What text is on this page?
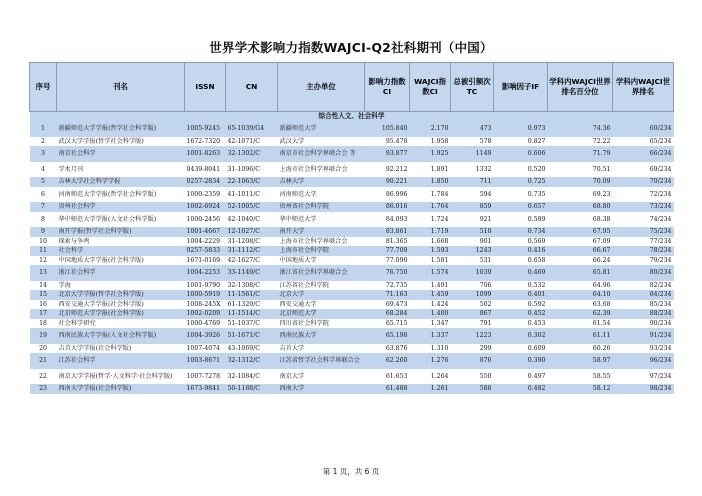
世界学术影响力指数WAJCI-Q2社科期刊（中国）
序号	刊名	ISSN	CN	主办单位	影响力指数CI	WAJCI指数CI	总被引频次TC	影响因子IF	学科内WAJCI世界排名百分位	学科内WAJCI世界排名
综合性人文、社会科学										
1	新疆师范大学学报(哲学社会科学版)	1005-9245	65-1039/G4	新疆师范大学	105.840	2.170	473	0.973	74.36	60/234
2	武汉大学学报(哲学社会科学版)	1672-7320	42-1071/C	武汉大学	95.478	1.958	578	0.827	72.22	65/234
3	南京社会科学	1001-8263	32-1302/C	南京市社会科学界联合会 等	93.877	1.925	1149	0.606	71.79	66/234
4	学术月刊	0439-8041	31-1096/C	上海市社会科学界联合会	92.212	1.891	1332	0.520	70.51	69/234
5	吉林大学社会科学学报	0257-2834	22-1063/C	吉林大学	90.221	1.850	711	0.725	70.09	70/234
6	河南师范大学学报(哲学社会科学版)	1000-2359	41-1011/C	河南师范大学	86.996	1.784	594	0.735	69.23	72/234
7	贵州社会科学	1002-6924	52-1005/C	贵州省社会科学院	86.016	1.764	859	0.657	68.80	73/234
8	华中师范大学学报(人文社会科学版)	1000-2456	42-1040/C	华中师范大学	84.093	1.724	921	0.589	68.38	74/234
9	南开学报(哲学社会科学版)	1001-4667	12-1027/C	南开大学	83.861	1.719	510	0.734	67.95	75/234
10	探索与争鸣	1004-2229	31-1208/C	上海市社会科学界联合会	81.365	1.668	901	0.569	67.09	77/234
11	社会科学	0257-5833	31-1112/C	上海市社会科学院	77.709	1.593	1243	0.416	66.67	78/234
12	中国地质大学学报(社会科学版)	1671-0169	42-1627/C	中国地质大学	77.090	1.581	531	0.658	66.24	79/234
13	浙江社会科学	1004-2253	33-1149/C	浙江省社会科学界联合会	76.750	1.574	1039	0.469	65.81	80/234
14	学海	1001-9790	32-1308/C	江苏省社会科学院	72.735	1.491	706	0.532	64.96	82/234
15	北京大学学报(哲学社会科学版)	1000-5919	11-1561/C	北京大学	71.163	1.459	1099	0.401	64.10	84/234
16	西安交通大学学报(社会科学版)	1008-245X	61-1329/C	西安交通大学	69.473	1.424	502	0.592	63.68	85/234
17	北京师范大学学报(社会科学版)	1002-0209	11-1514/C	北京师范大学	68.284	1.400	867	0.452	62.39	88/234
18	社会科学研究	1000-4769	51-1037/C	四川省社会科学院	65.715	1.347	791	0.453	61.54	90/234
19	西南民族大学学报(人文社会科学版)	1004-3926	51-1671/C	西南民族大学	65.198	1.337	1223	0.302	61.11	91/234
20	吉首大学学报(社会科学版)	1007-4074	43-1069/C	吉首大学	63.876	1.310	299	0.609	60.26	93/234
21	江苏社会科学	1003-8671	32-1312/C	江苏省哲学社会科学界联合会	62.260	1.276	876	0.390	58.97	96/234
22	南京大学学报(哲学·人文科学·社会科学版)	1007-7278	32-1084/C	南京大学	61.653	1.264	550	0.497	58.55	97/234
23	西南大学学报(社会科学版)	1673-9841	50-1188/C	西南大学	61.488	1.261	588	0.482	58.12	98/234
第 1 页，共 6 页
